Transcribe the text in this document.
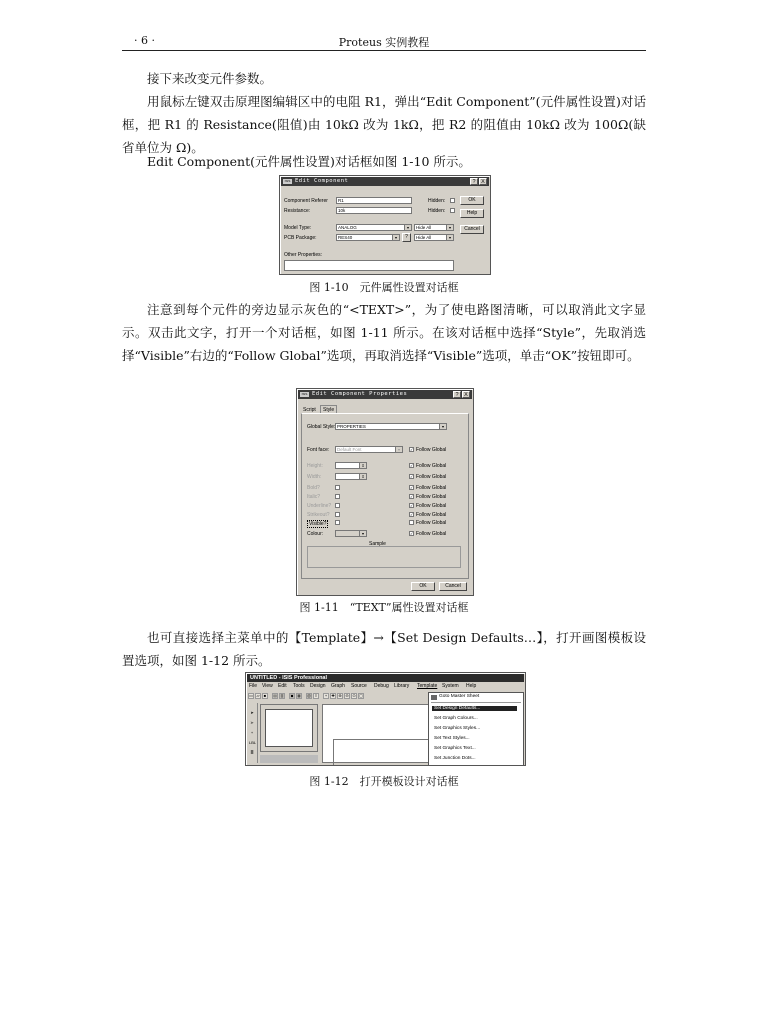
· 6 ·	Proteus 实例教程

接下来改变元件参数。

用鼠标左键双击原理图编辑区中的电阻 R1，弹出“Edit Component”(元件属性设置)对话框，把 R1 的 Resistance(阻值)由 10kΩ 改为 1kΩ，把 R2 的阻值由 10kΩ 改为 100Ω(缺省单位为 Ω)。

Edit Component(元件属性设置)对话框如图 1-10 所示。

ISIS Edit Component	?	X
Component Referer	R1	Hidden:
Resistance:	10k	Hidden:
Model Type:	ANALOG	▾	Hide All	▾
PCB Package:	RES40	▾	?	Hide All	▾
Other Properties:
OK
Help
Cancel
图 1-10　元件属性设置对话框

注意到每个元件的旁边显示灰色的“<TEXT>”，为了使电路图清晰，可以取消此文字显示。双击此文字，打开一个对话框，如图 1-11 所示。在该对话框中选择“Style”，先取消选择“Visible”右边的“Follow Global”选项，再取消选择“Visible”选项，单击“OK”按钮即可。

ISIS Edit Component Properties	?	X
Script	Style
Global Style: PROPERTIES	▾
Font face:	Default Font	▾	✓ Follow Global
Height:	⇕	✓ Follow Global
Width:	⇕	✓ Follow Global
Bold?	✓ Follow Global
Italic?	✓ Follow Global
Underline?	✓ Follow Global
Strikeout?	✓ Follow Global
Visible?	Follow Global
Colour:	▾	✓ Follow Global
Sample
OK	Cancel
图 1-11　“TEXT”属性设置对话框

也可直接选择主菜单中的【Template】→【Set Design Defaults…】，打开画图模板设置选项，如图 1-12 所示。

UNTITLED - ISIS Professional
File View Edit Tools Design Graph Source Debug Library Template System Help
▭ ▱	■	▤ ▥ ▣ ▦ ▧ ≡	+	✚ ⊕ ⊖ ⊙ ▢
➤
⋗
+
LBL
≣
Goto Master Sheet
Set Design Defaults...
Set Graph Colours...
Set Graphics Styles...
Set Text Styles...
Set Graphics Text...
Set Junction Dots...
图 1-12　打开模板设计对话框
